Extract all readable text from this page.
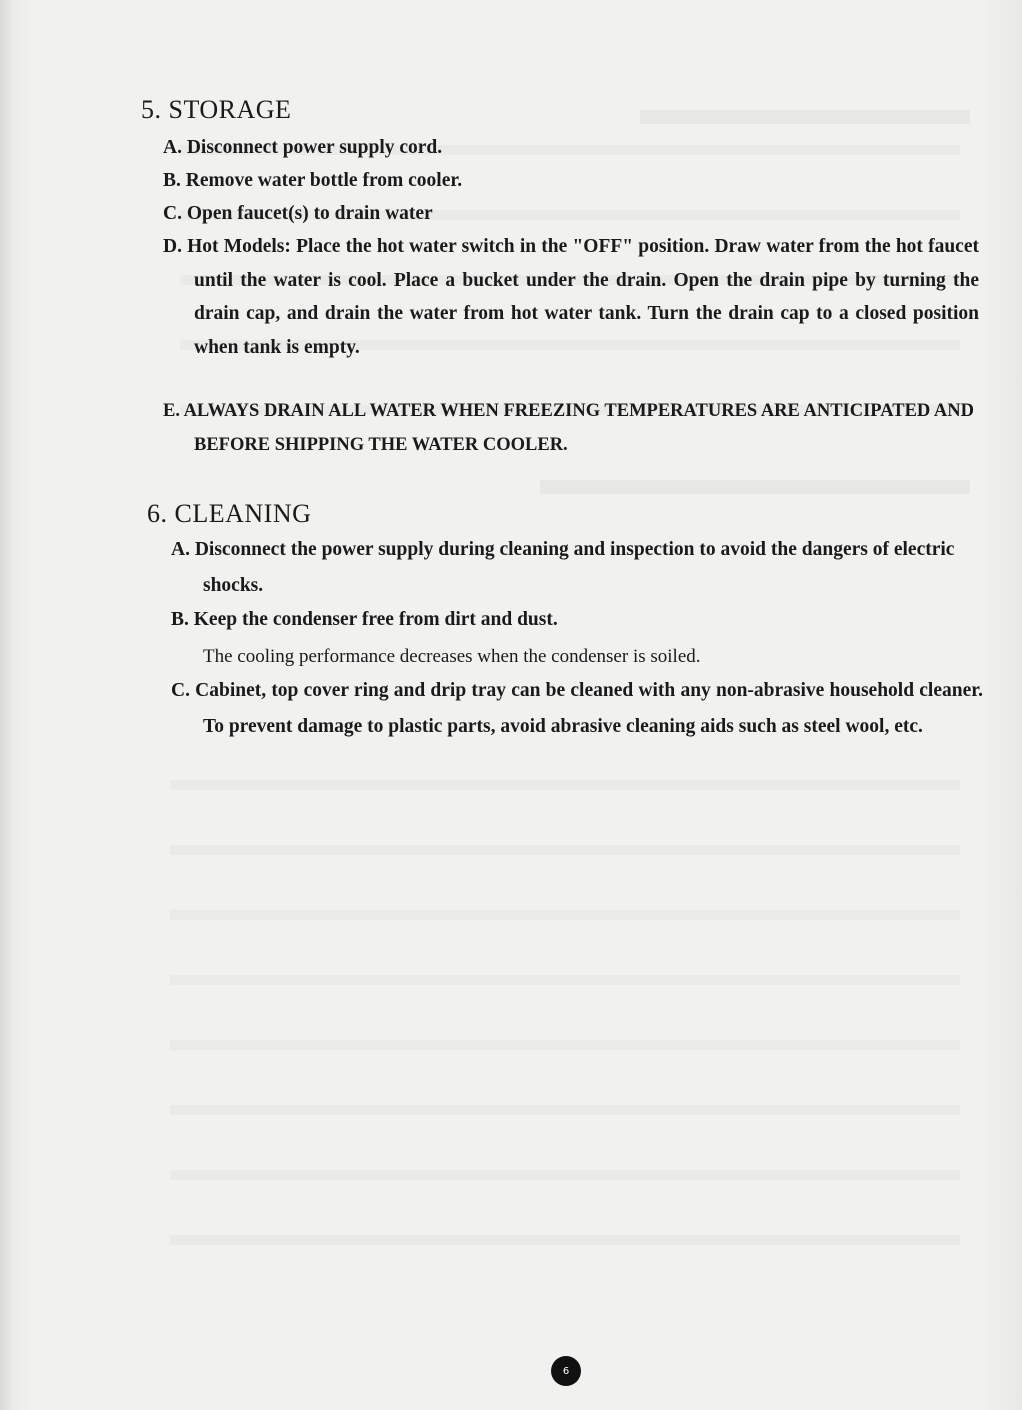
5. STORAGE
A. Disconnect power supply cord.
B. Remove water bottle from cooler.
C. Open faucet(s) to drain water
D. Hot Models: Place the hot water switch in the "OFF" position. Draw water from the hot faucet until the water is cool. Place a bucket under the drain. Open the drain pipe by turning the drain cap, and drain the water from hot water tank. Turn the drain cap to a closed position when tank is empty.
E. ALWAYS DRAIN ALL WATER WHEN FREEZING TEMPERATURES ARE ANTICIPATED AND BEFORE SHIPPING THE WATER COOLER.
6. CLEANING
A. Disconnect the power supply during cleaning and inspection to avoid the dangers of electric shocks.
B. Keep the condenser free from dirt and dust.
The cooling performance decreases when the condenser is soiled.
C. Cabinet, top cover ring and drip tray can be cleaned with any non-abrasive household cleaner. To prevent damage to plastic parts, avoid abrasive cleaning aids such as steel wool, etc.
6
